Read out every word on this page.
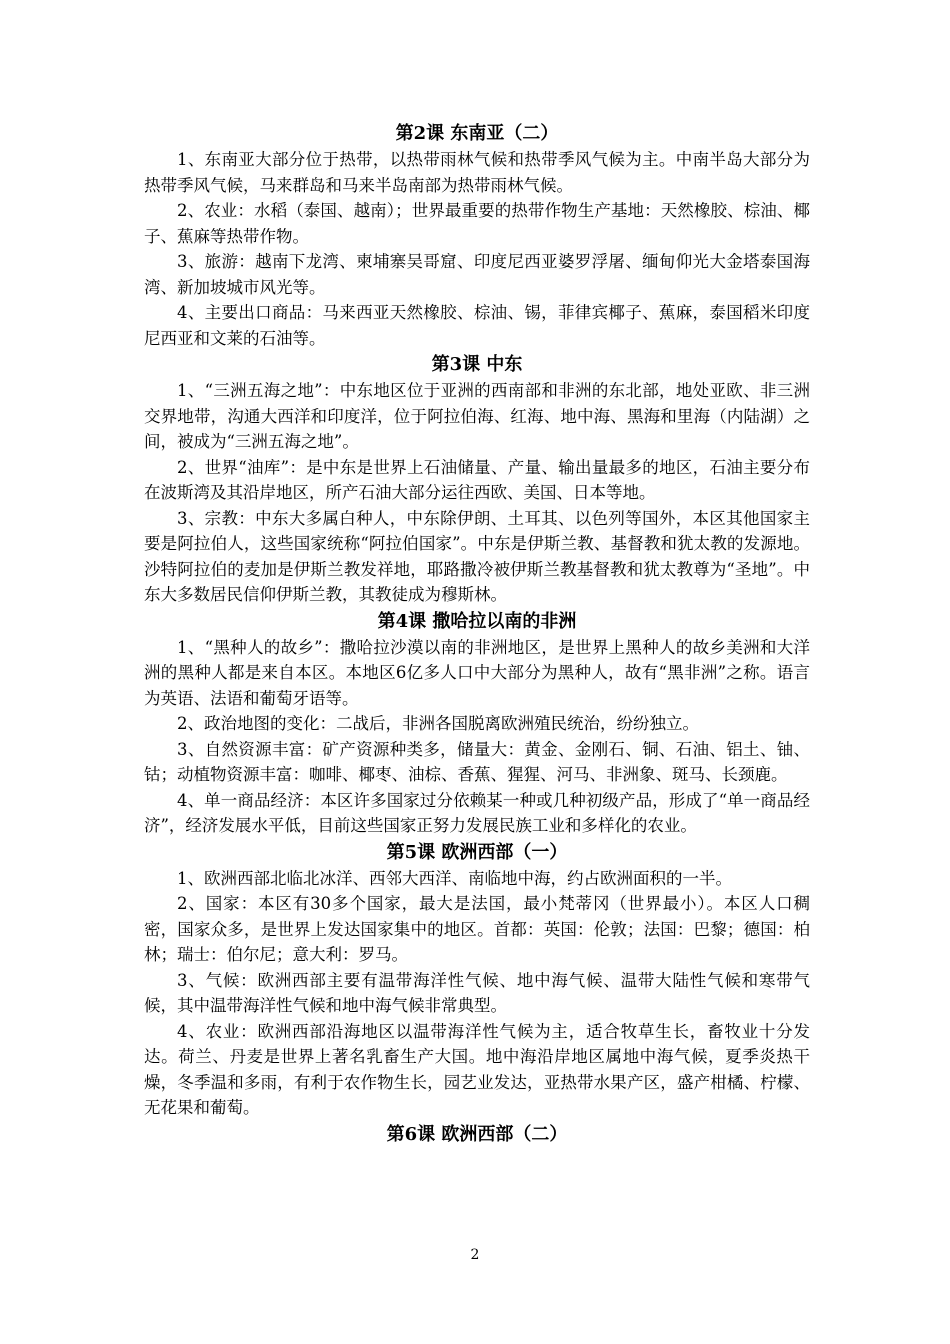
第2课 东南亚（二）

1、东南亚大部分位于热带，以热带雨林气候和热带季风气候为主。中南半岛大部分为热带季风气候，马来群岛和马来半岛南部为热带雨林气候。

2、农业：水稻（泰国、越南）；世界最重要的热带作物生产基地：天然橡胶、棕油、椰子、蕉麻等热带作物。

3、旅游：越南下龙湾、柬埔寨吴哥窟、印度尼西亚婆罗浮屠、缅甸仰光大金塔泰国海湾、新加坡城市风光等。

4、主要出口商品：马来西亚天然橡胶、棕油、锡，菲律宾椰子、蕉麻，泰国稻米印度尼西亚和文莱的石油等。

第3课 中东

1、“三洲五海之地”：中东地区位于亚洲的西南部和非洲的东北部，地处亚欧、非三洲交界地带，沟通大西洋和印度洋，位于阿拉伯海、红海、地中海、黑海和里海（内陆湖）之间，被成为“三洲五海之地”。

2、世界“油库”：是中东是世界上石油储量、产量、输出量最多的地区，石油主要分布在波斯湾及其沿岸地区，所产石油大部分运往西欧、美国、日本等地。

3、宗教：中东大多属白种人，中东除伊朗、土耳其、以色列等国外，本区其他国家主要是阿拉伯人，这些国家统称“阿拉伯国家”。中东是伊斯兰教、基督教和犹太教的发源地。沙特阿拉伯的麦加是伊斯兰教发祥地，耶路撒冷被伊斯兰教基督教和犹太教尊为“圣地”。中东大多数居民信仰伊斯兰教，其教徒成为穆斯林。

第4课 撒哈拉以南的非洲

1、“黑种人的故乡”：撒哈拉沙漠以南的非洲地区，是世界上黑种人的故乡美洲和大洋洲的黑种人都是来自本区。本地区6亿多人口中大部分为黑种人，故有“黑非洲”之称。语言为英语、法语和葡萄牙语等。

2、政治地图的变化：二战后，非洲各国脱离欧洲殖民统治，纷纷独立。

3、自然资源丰富：矿产资源种类多，储量大：黄金、金刚石、铜、石油、铝土、铀、钴；动植物资源丰富：咖啡、椰枣、油棕、香蕉、猩猩、河马、非洲象、斑马、长颈鹿。

4、单一商品经济：本区许多国家过分依赖某一种或几种初级产品，形成了“单一商品经济”，经济发展水平低，目前这些国家正努力发展民族工业和多样化的农业。

第5课 欧洲西部（一）

1、欧洲西部北临北冰洋、西邻大西洋、南临地中海，约占欧洲面积的一半。

2、国家：本区有30多个国家，最大是法国，最小梵蒂冈（世界最小）。本区人口稠密，国家众多，是世界上发达国家集中的地区。首都：英国：伦敦；法国：巴黎；德国：柏林；瑞士：伯尔尼；意大利：罗马。

3、气候：欧洲西部主要有温带海洋性气候、地中海气候、温带大陆性气候和寒带气候，其中温带海洋性气候和地中海气候非常典型。

4、农业：欧洲西部沿海地区以温带海洋性气候为主，适合牧草生长，畜牧业十分发达。荷兰、丹麦是世界上著名乳畜生产大国。地中海沿岸地区属地中海气候，夏季炎热干燥，冬季温和多雨，有利于农作物生长，园艺业发达，亚热带水果产区，盛产柑橘、柠檬、无花果和葡萄。

第6课 欧洲西部（二）
2
